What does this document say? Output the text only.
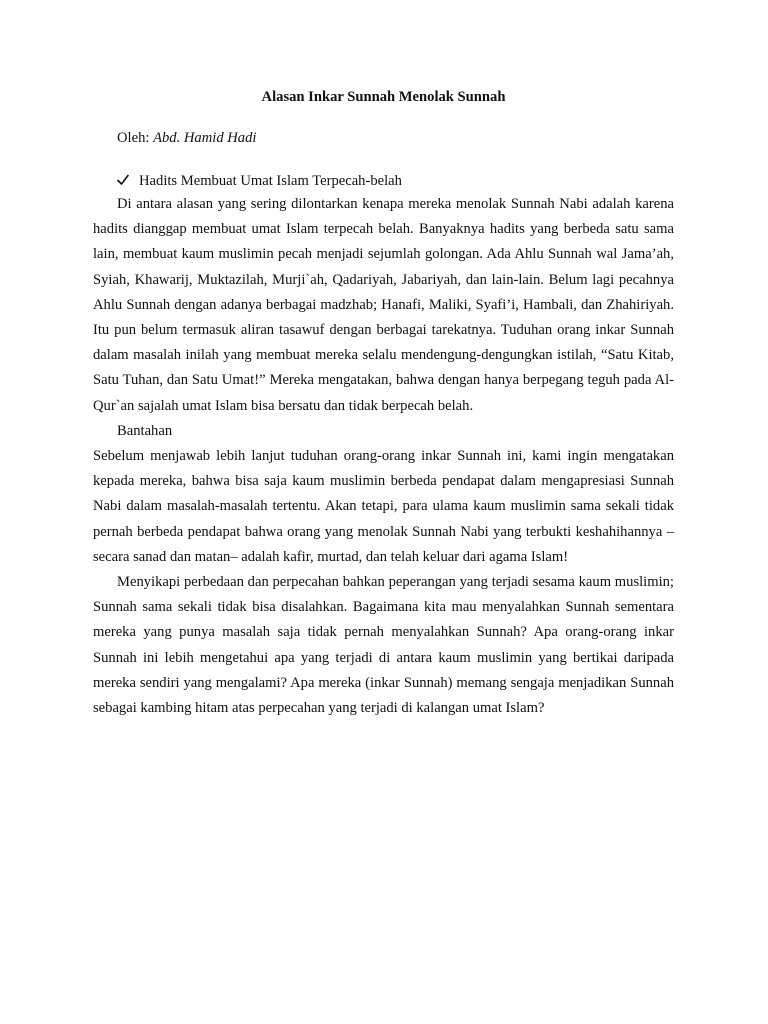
Alasan Inkar Sunnah Menolak Sunnah
Oleh: Abd. Hamid Hadi
Hadits Membuat Umat Islam Terpecah-belah

Di antara alasan yang sering dilontarkan kenapa mereka menolak Sunnah Nabi adalah karena hadits dianggap membuat umat Islam terpecah belah. Banyaknya hadits yang berbeda satu sama lain, membuat kaum muslimin pecah menjadi sejumlah golongan. Ada Ahlu Sunnah wal Jama’ah, Syiah, Khawarij, Muktazilah, Murji`ah, Qadariyah, Jabariyah, dan lain-lain. Belum lagi pecahnya Ahlu Sunnah dengan adanya berbagai madzhab; Hanafi, Maliki, Syafi’i, Hambali, dan Zhahiriyah. Itu pun belum termasuk aliran tasawuf dengan berbagai tarekatnya. Tuduhan orang inkar Sunnah dalam masalah inilah yang membuat mereka selalu mendengung-dengungkan istilah, “Satu Kitab, Satu Tuhan, dan Satu Umat!” Mereka mengatakan, bahwa dengan hanya berpegang teguh pada Al-Qur`an sajalah umat Islam bisa bersatu dan tidak berpecah belah.

Bantahan

Sebelum menjawab lebih lanjut tuduhan orang-orang inkar Sunnah ini, kami ingin mengatakan kepada mereka, bahwa bisa saja kaum muslimin berbeda pendapat dalam mengapresiasi Sunnah Nabi dalam masalah-masalah tertentu. Akan tetapi, para ulama kaum muslimin sama sekali tidak pernah berbeda pendapat bahwa orang yang menolak Sunnah Nabi yang terbukti keshahihannya –secara sanad dan matan– adalah kafir, murtad, dan telah keluar dari agama Islam!

Menyikapi perbedaan dan perpecahan bahkan peperangan yang terjadi sesama kaum muslimin; Sunnah sama sekali tidak bisa disalahkan. Bagaimana kita mau menyalahkan Sunnah sementara mereka yang punya masalah saja tidak pernah menyalahkan Sunnah? Apa orang-orang inkar Sunnah ini lebih mengetahui apa yang terjadi di antara kaum muslimin yang bertikai daripada mereka sendiri yang mengalami? Apa mereka (inkar Sunnah) memang sengaja menjadikan Sunnah sebagai kambing hitam atas perpecahan yang terjadi di kalangan umat Islam?
